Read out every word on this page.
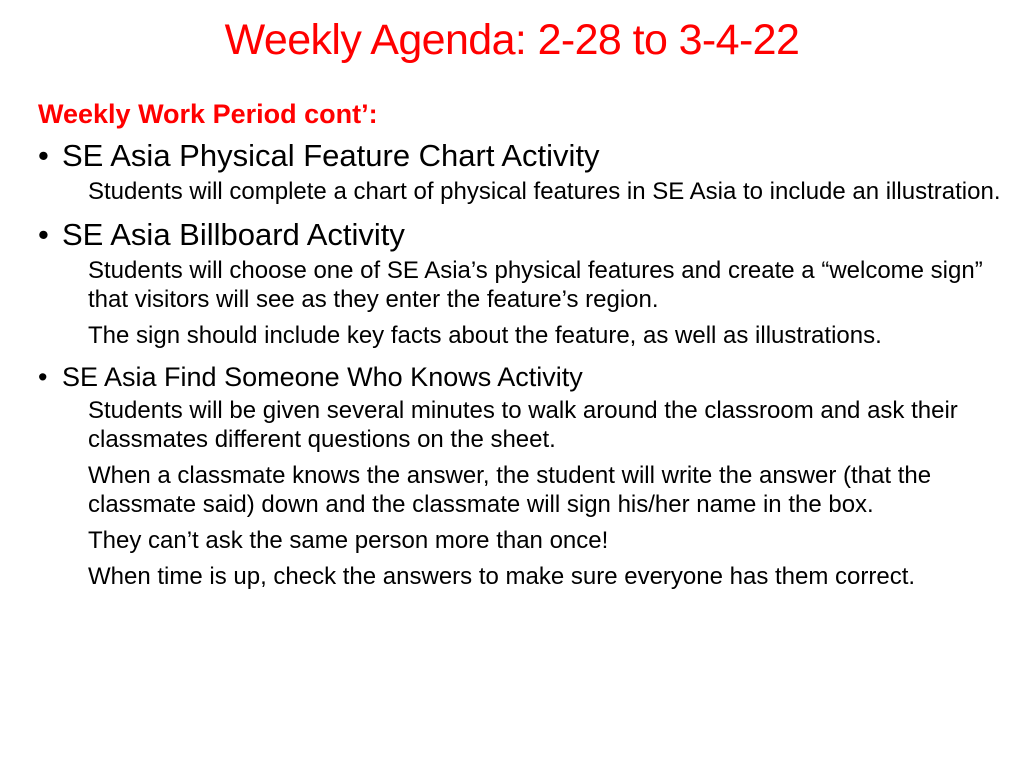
Weekly Agenda: 2-28 to 3-4-22
Weekly Work Period cont’:
• SE Asia Physical Feature Chart Activity
Students will complete a chart of physical features in SE Asia to include an illustration.
• SE Asia Billboard Activity
Students will choose one of SE Asia’s physical features and create a “welcome sign” that visitors will see as they enter the feature’s region.
The sign should include key facts about the feature, as well as illustrations.
• SE Asia Find Someone Who Knows Activity
Students will be given several minutes to walk around the classroom and ask their classmates different questions on the sheet.
When a classmate knows the answer, the student will write the answer (that the classmate said) down and the classmate will sign his/her name in the box.
They can’t ask the same person more than once!
When time is up, check the answers to make sure everyone has them correct.
